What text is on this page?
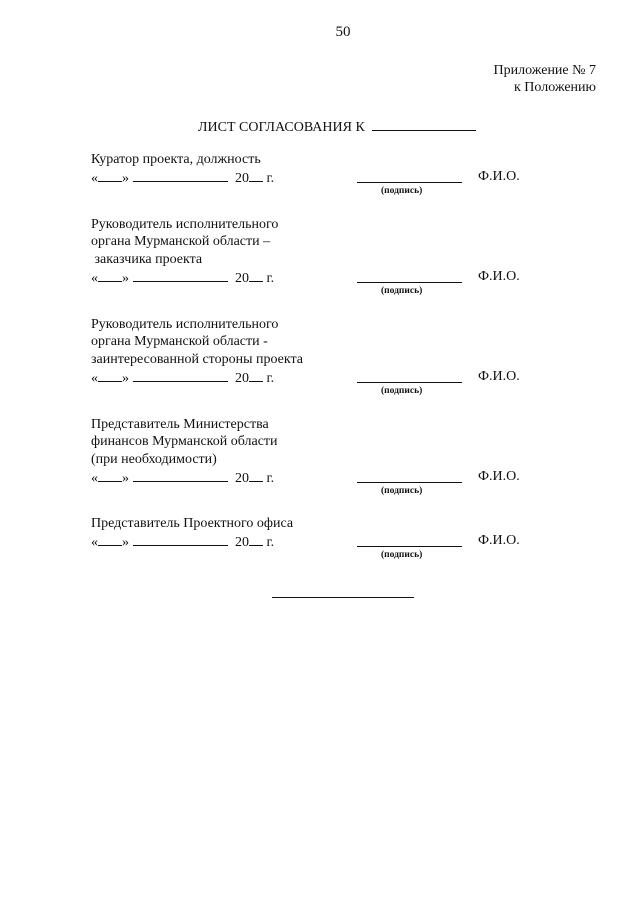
50
Приложение № 7
к Положению
ЛИСТ СОГЛАСОВАНИЯ К
Куратор проекта, должность
« »	20 г.	Ф.И.О.
(подпись)
Руководитель исполнительного
органа Мурманской области –
заказчика проекта
« »	20 г.	Ф.И.О.
(подпись)
Руководитель исполнительного
органа Мурманской области -
заинтересованной стороны проекта
« »	20 г.	Ф.И.О.
(подпись)
Представитель Министерства
финансов Мурманской области
(при необходимости)
« »	20 г.	Ф.И.О.
(подпись)
Представитель Проектного офиса
« »	20 г.	Ф.И.О.
(подпись)
